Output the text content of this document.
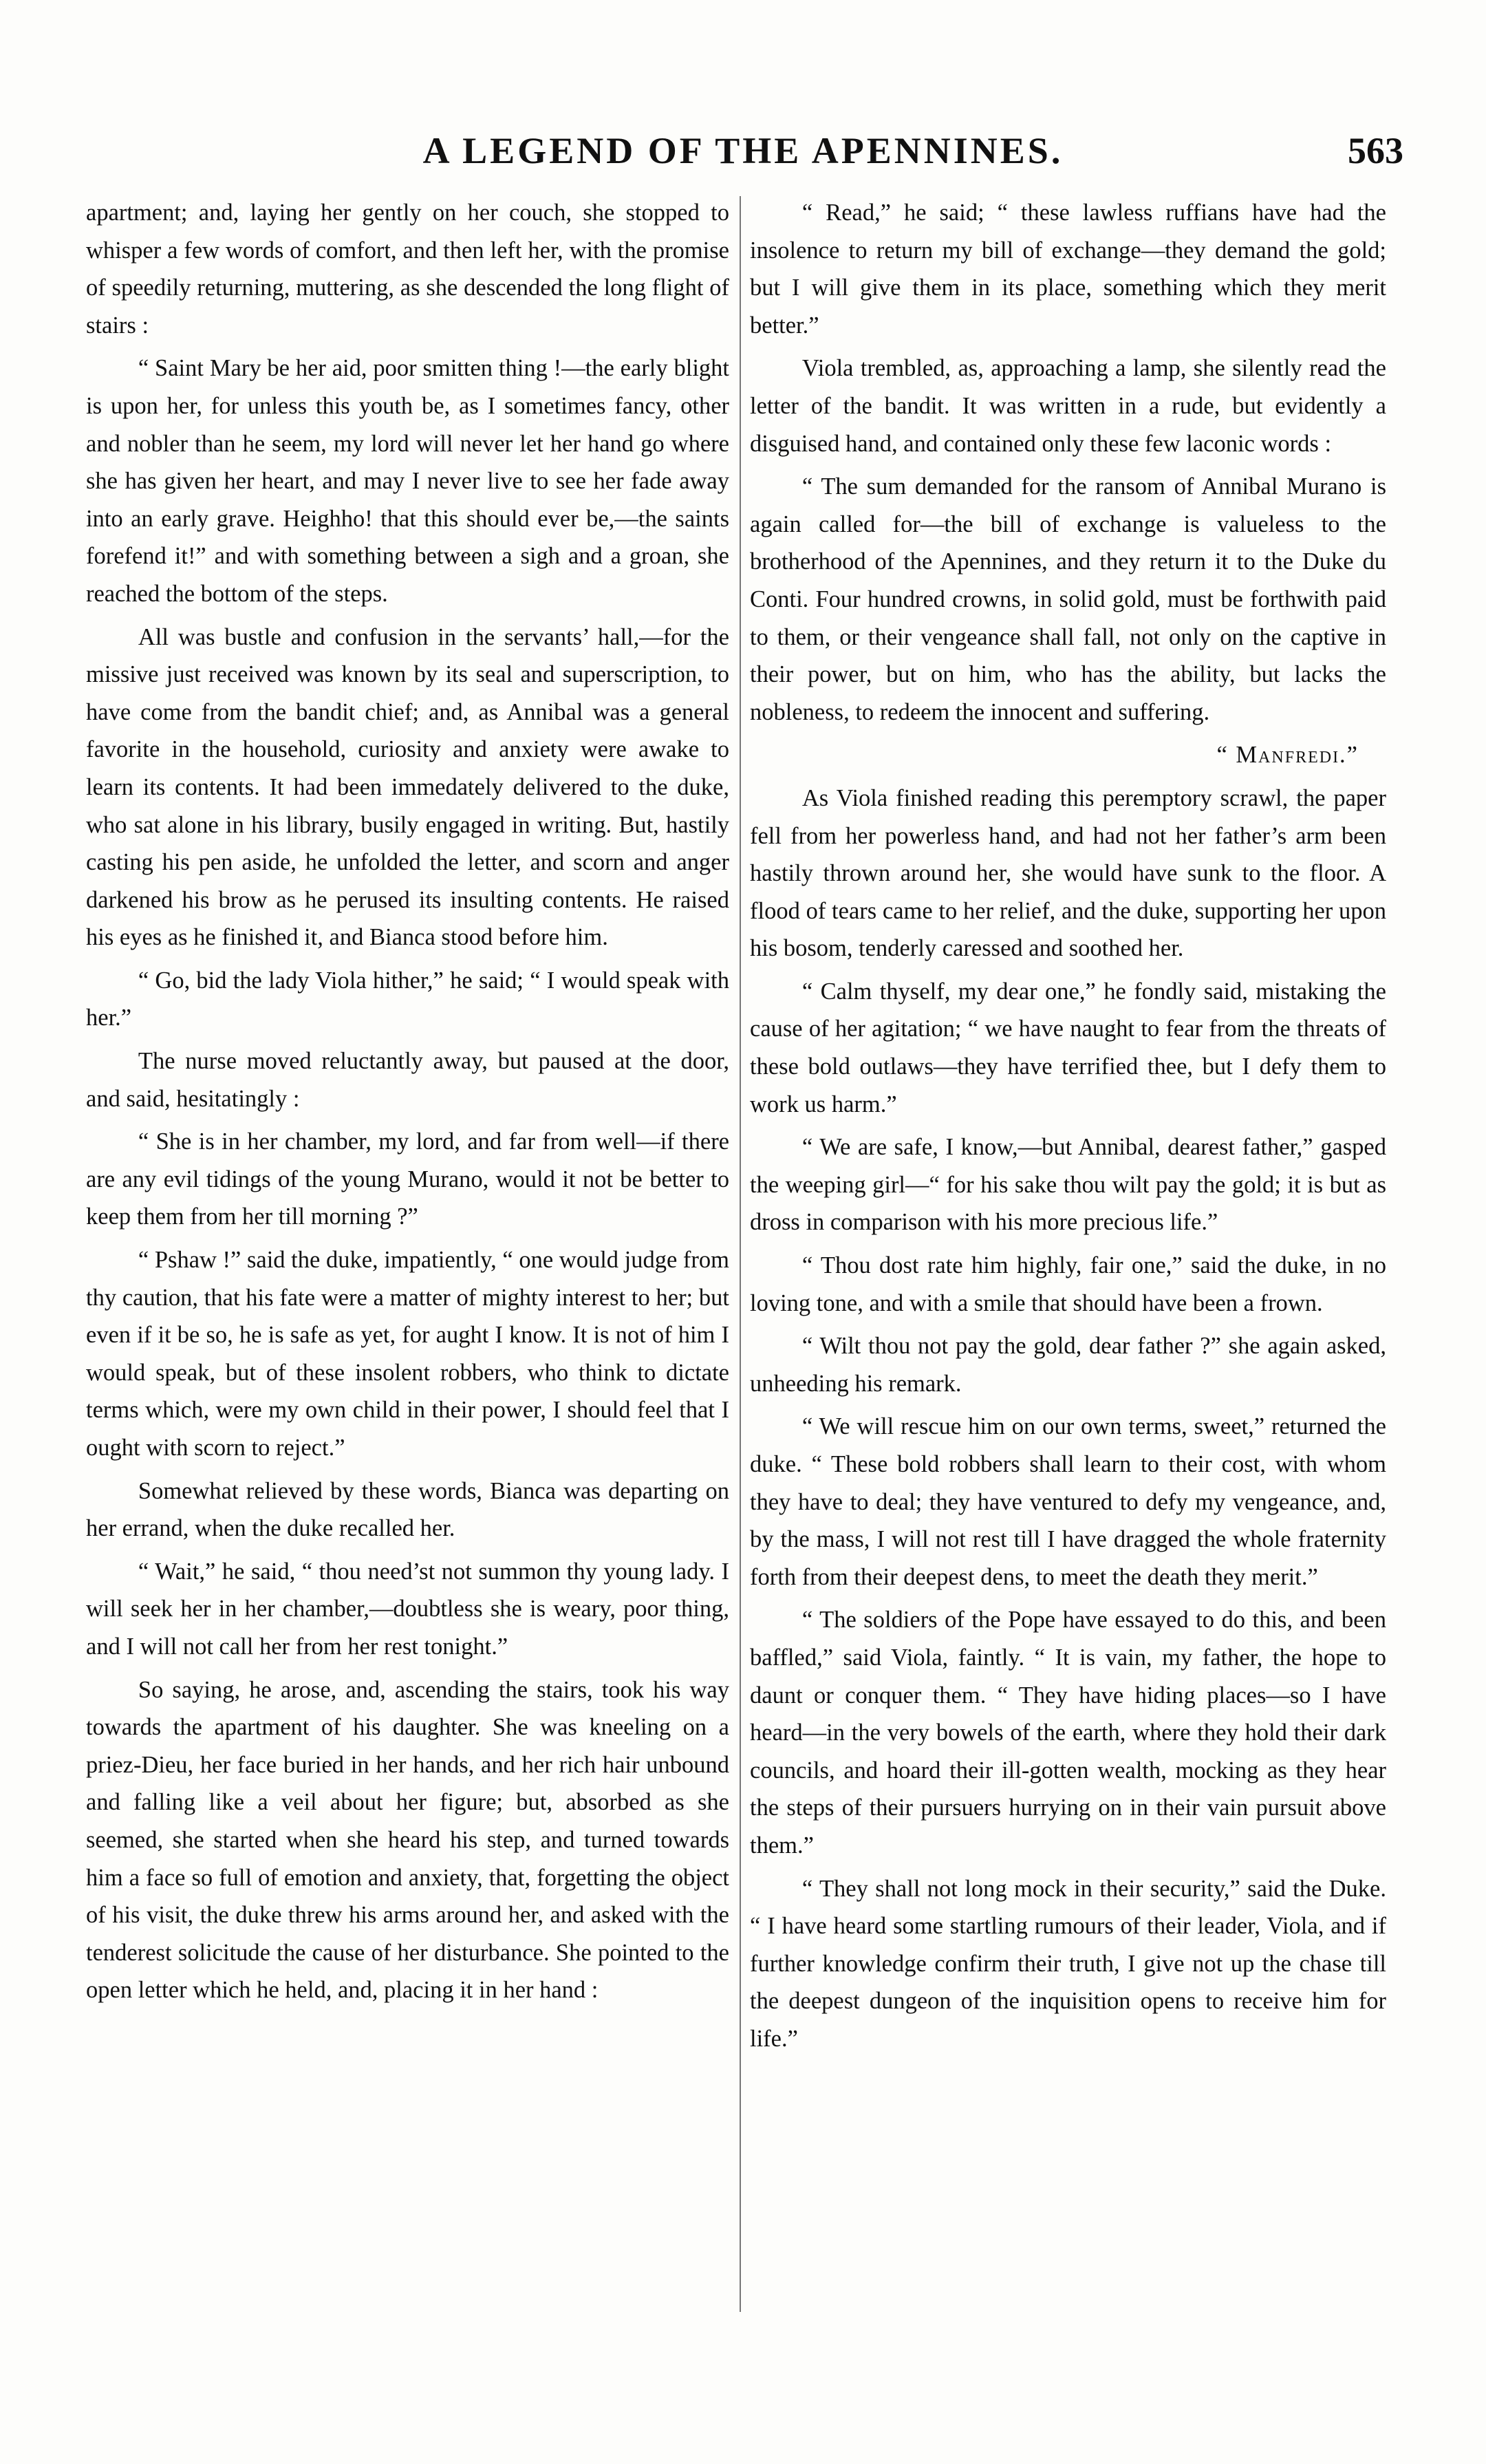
A LEGEND OF THE APENNINES.	563

apartment; and, laying her gently on her couch, she stopped to whisper a few words of comfort, and then left her, with the promise of speedily returning, muttering, as she descended the long flight of stairs :

“ Saint Mary be her aid, poor smitten thing !—the early blight is upon her, for unless this youth be, as I sometimes fancy, other and nobler than he seem, my lord will never let her hand go where she has given her heart, and may I never live to see her fade away into an early grave. Heighho! that this should ever be,—the saints forefend it!” and with something between a sigh and a groan, she reached the bottom of the steps.

All was bustle and confusion in the servants’ hall,—for the missive just received was known by its seal and superscription, to have come from the bandit chief; and, as Annibal was a general favorite in the household, curiosity and anxiety were awake to learn its contents. It had been immedately delivered to the duke, who sat alone in his library, busily engaged in writing. But, hastily casting his pen aside, he unfolded the letter, and scorn and anger darkened his brow as he perused its insulting contents. He raised his eyes as he finished it, and Bianca stood before him.

“ Go, bid the lady Viola hither,” he said; “ I would speak with her.”

The nurse moved reluctantly away, but paused at the door, and said, hesitatingly :

“ She is in her chamber, my lord, and far from well—if there are any evil tidings of the young Murano, would it not be better to keep them from her till morning ?”

“ Pshaw !” said the duke, impatiently, “ one would judge from thy caution, that his fate were a matter of mighty interest to her; but even if it be so, he is safe as yet, for aught I know. It is not of him I would speak, but of these insolent robbers, who think to dictate terms which, were my own child in their power, I should feel that I ought with scorn to reject.”

Somewhat relieved by these words, Bianca was departing on her errand, when the duke recalled her.

“ Wait,” he said, “ thou need’st not summon thy young lady. I will seek her in her chamber,—doubtless she is weary, poor thing, and I will not call her from her rest tonight.”

So saying, he arose, and, ascending the stairs, took his way towards the apartment of his daughter. She was kneeling on a priez-Dieu, her face buried in her hands, and her rich hair unbound and falling like a veil about her figure; but, absorbed as she seemed, she started when she heard his step, and turned towards him a face so full of emotion and anxiety, that, forgetting the object of his visit, the duke threw his arms around her, and asked with the tenderest solicitude the cause of her disturbance. She pointed to the open letter which he held, and, placing it in her hand :

“ Read,” he said; “ these lawless ruffians have had the insolence to return my bill of exchange—they demand the gold; but I will give them in its place, something which they merit better.”

Viola trembled, as, approaching a lamp, she silently read the letter of the bandit. It was written in a rude, but evidently a disguised hand, and contained only these few laconic words :

“ The sum demanded for the ransom of Annibal Murano is again called for—the bill of exchange is valueless to the brotherhood of the Apennines, and they return it to the Duke du Conti. Four hundred crowns, in solid gold, must be forthwith paid to them, or their vengeance shall fall, not only on the captive in their power, but on him, who has the ability, but lacks the nobleness, to redeem the innocent and suffering.

“ Manfredi.”

As Viola finished reading this peremptory scrawl, the paper fell from her powerless hand, and had not her father’s arm been hastily thrown around her, she would have sunk to the floor. A flood of tears came to her relief, and the duke, supporting her upon his bosom, tenderly caressed and soothed her.

“ Calm thyself, my dear one,” he fondly said, mistaking the cause of her agitation; “ we have naught to fear from the threats of these bold outlaws—they have terrified thee, but I defy them to work us harm.”

“ We are safe, I know,—but Annibal, dearest father,” gasped the weeping girl—“ for his sake thou wilt pay the gold; it is but as dross in comparison with his more precious life.”

“ Thou dost rate him highly, fair one,” said the duke, in no loving tone, and with a smile that should have been a frown.

“ Wilt thou not pay the gold, dear father ?” she again asked, unheeding his remark.

“ We will rescue him on our own terms, sweet,” returned the duke. “ These bold robbers shall learn to their cost, with whom they have to deal; they have ventured to defy my vengeance, and, by the mass, I will not rest till I have dragged the whole fraternity forth from their deepest dens, to meet the death they merit.”

“ The soldiers of the Pope have essayed to do this, and been baffled,” said Viola, faintly. “ It is vain, my father, the hope to daunt or conquer them. “ They have hiding places—so I have heard—in the very bowels of the earth, where they hold their dark councils, and hoard their ill-gotten wealth, mocking as they hear the steps of their pursuers hurrying on in their vain pursuit above them.”

“ They shall not long mock in their security,” said the Duke. “ I have heard some startling rumours of their leader, Viola, and if further knowledge confirm their truth, I give not up the chase till the deepest dungeon of the inquisition opens to receive him for life.”
